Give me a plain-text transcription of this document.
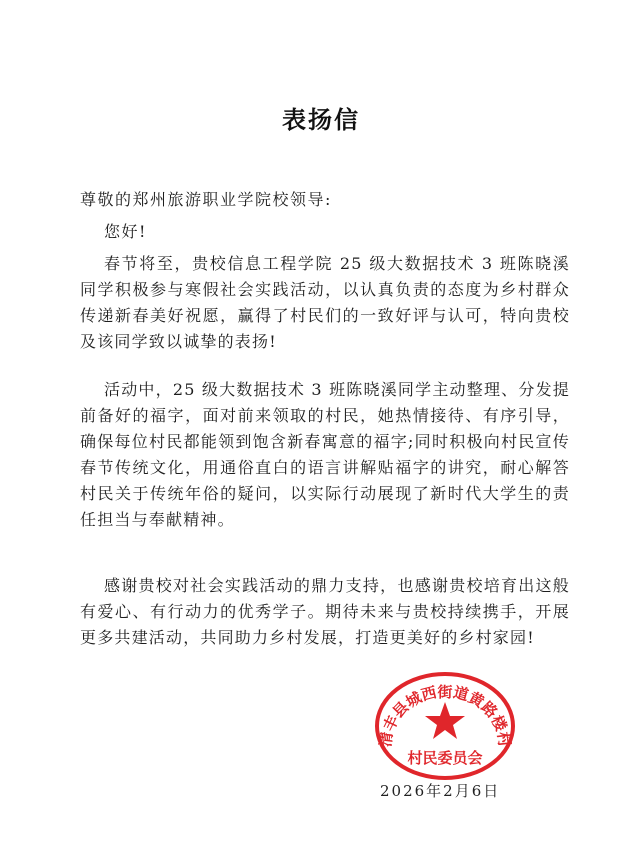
表扬信
尊敬的郑州旅游职业学院校领导:
您好!

春节将至，贵校信息工程学院 25 级大数据技术 3 班陈晓溪同学积极参与寒假社会实践活动，以认真负责的态度为乡村群众传递新春美好祝愿，赢得了村民们的一致好评与认可，特向贵校及该同学致以诚挚的表扬!

活动中，25 级大数据技术 3 班陈晓溪同学主动整理、分发提前备好的福字，面对前来领取的村民，她热情接待、有序引导，确保每位村民都能领到饱含新春寓意的福字;同时积极向村民宣传春节传统文化，用通俗直白的语言讲解贴福字的讲究，耐心解答村民关于传统年俗的疑问，以实际行动展现了新时代大学生的责任担当与奉献精神。

感谢贵校对社会实践活动的鼎力支持，也感谢贵校培育出这般有爱心、有行动力的优秀学子。期待未来与贵校持续携手，开展更多共建活动，共同助力乡村发展，打造更美好的乡村家园!

清丰县城西街道黄路楼村
村民委员会
2026年2月6日
